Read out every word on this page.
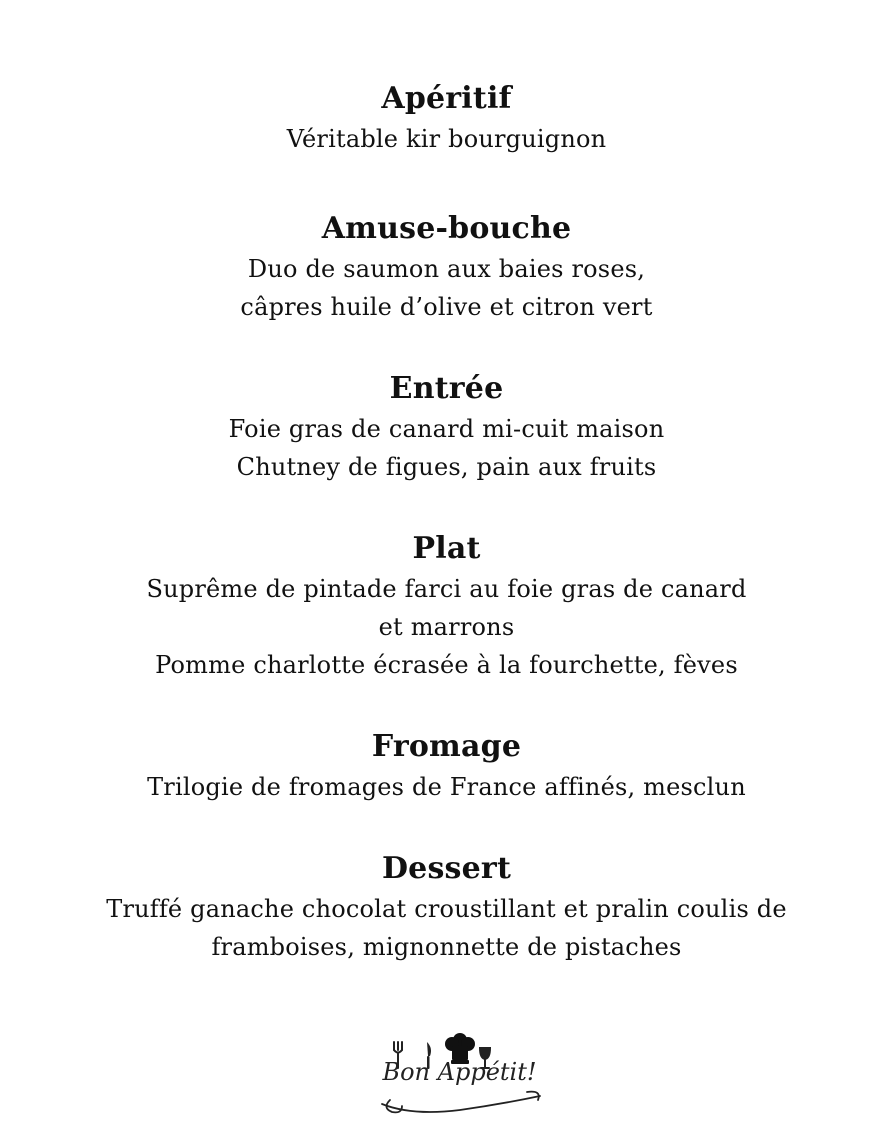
Apéritif

Véritable kir bourguignon

Amuse-bouche

Duo de saumon aux baies roses,

câpres huile d’olive et citron vert

Entrée

Foie gras de canard mi-cuit maison

Chutney de figues, pain aux fruits

Plat

Suprême de pintade farci au foie gras de canard

et marrons

Pomme charlotte écrasée à la fourchette, fèves

Fromage

Trilogie de fromages de France affinés, mesclun

Dessert

Truffé ganache chocolat croustillant et pralin coulis de

framboises, mignonnette de pistaches

Bon Appétit!
